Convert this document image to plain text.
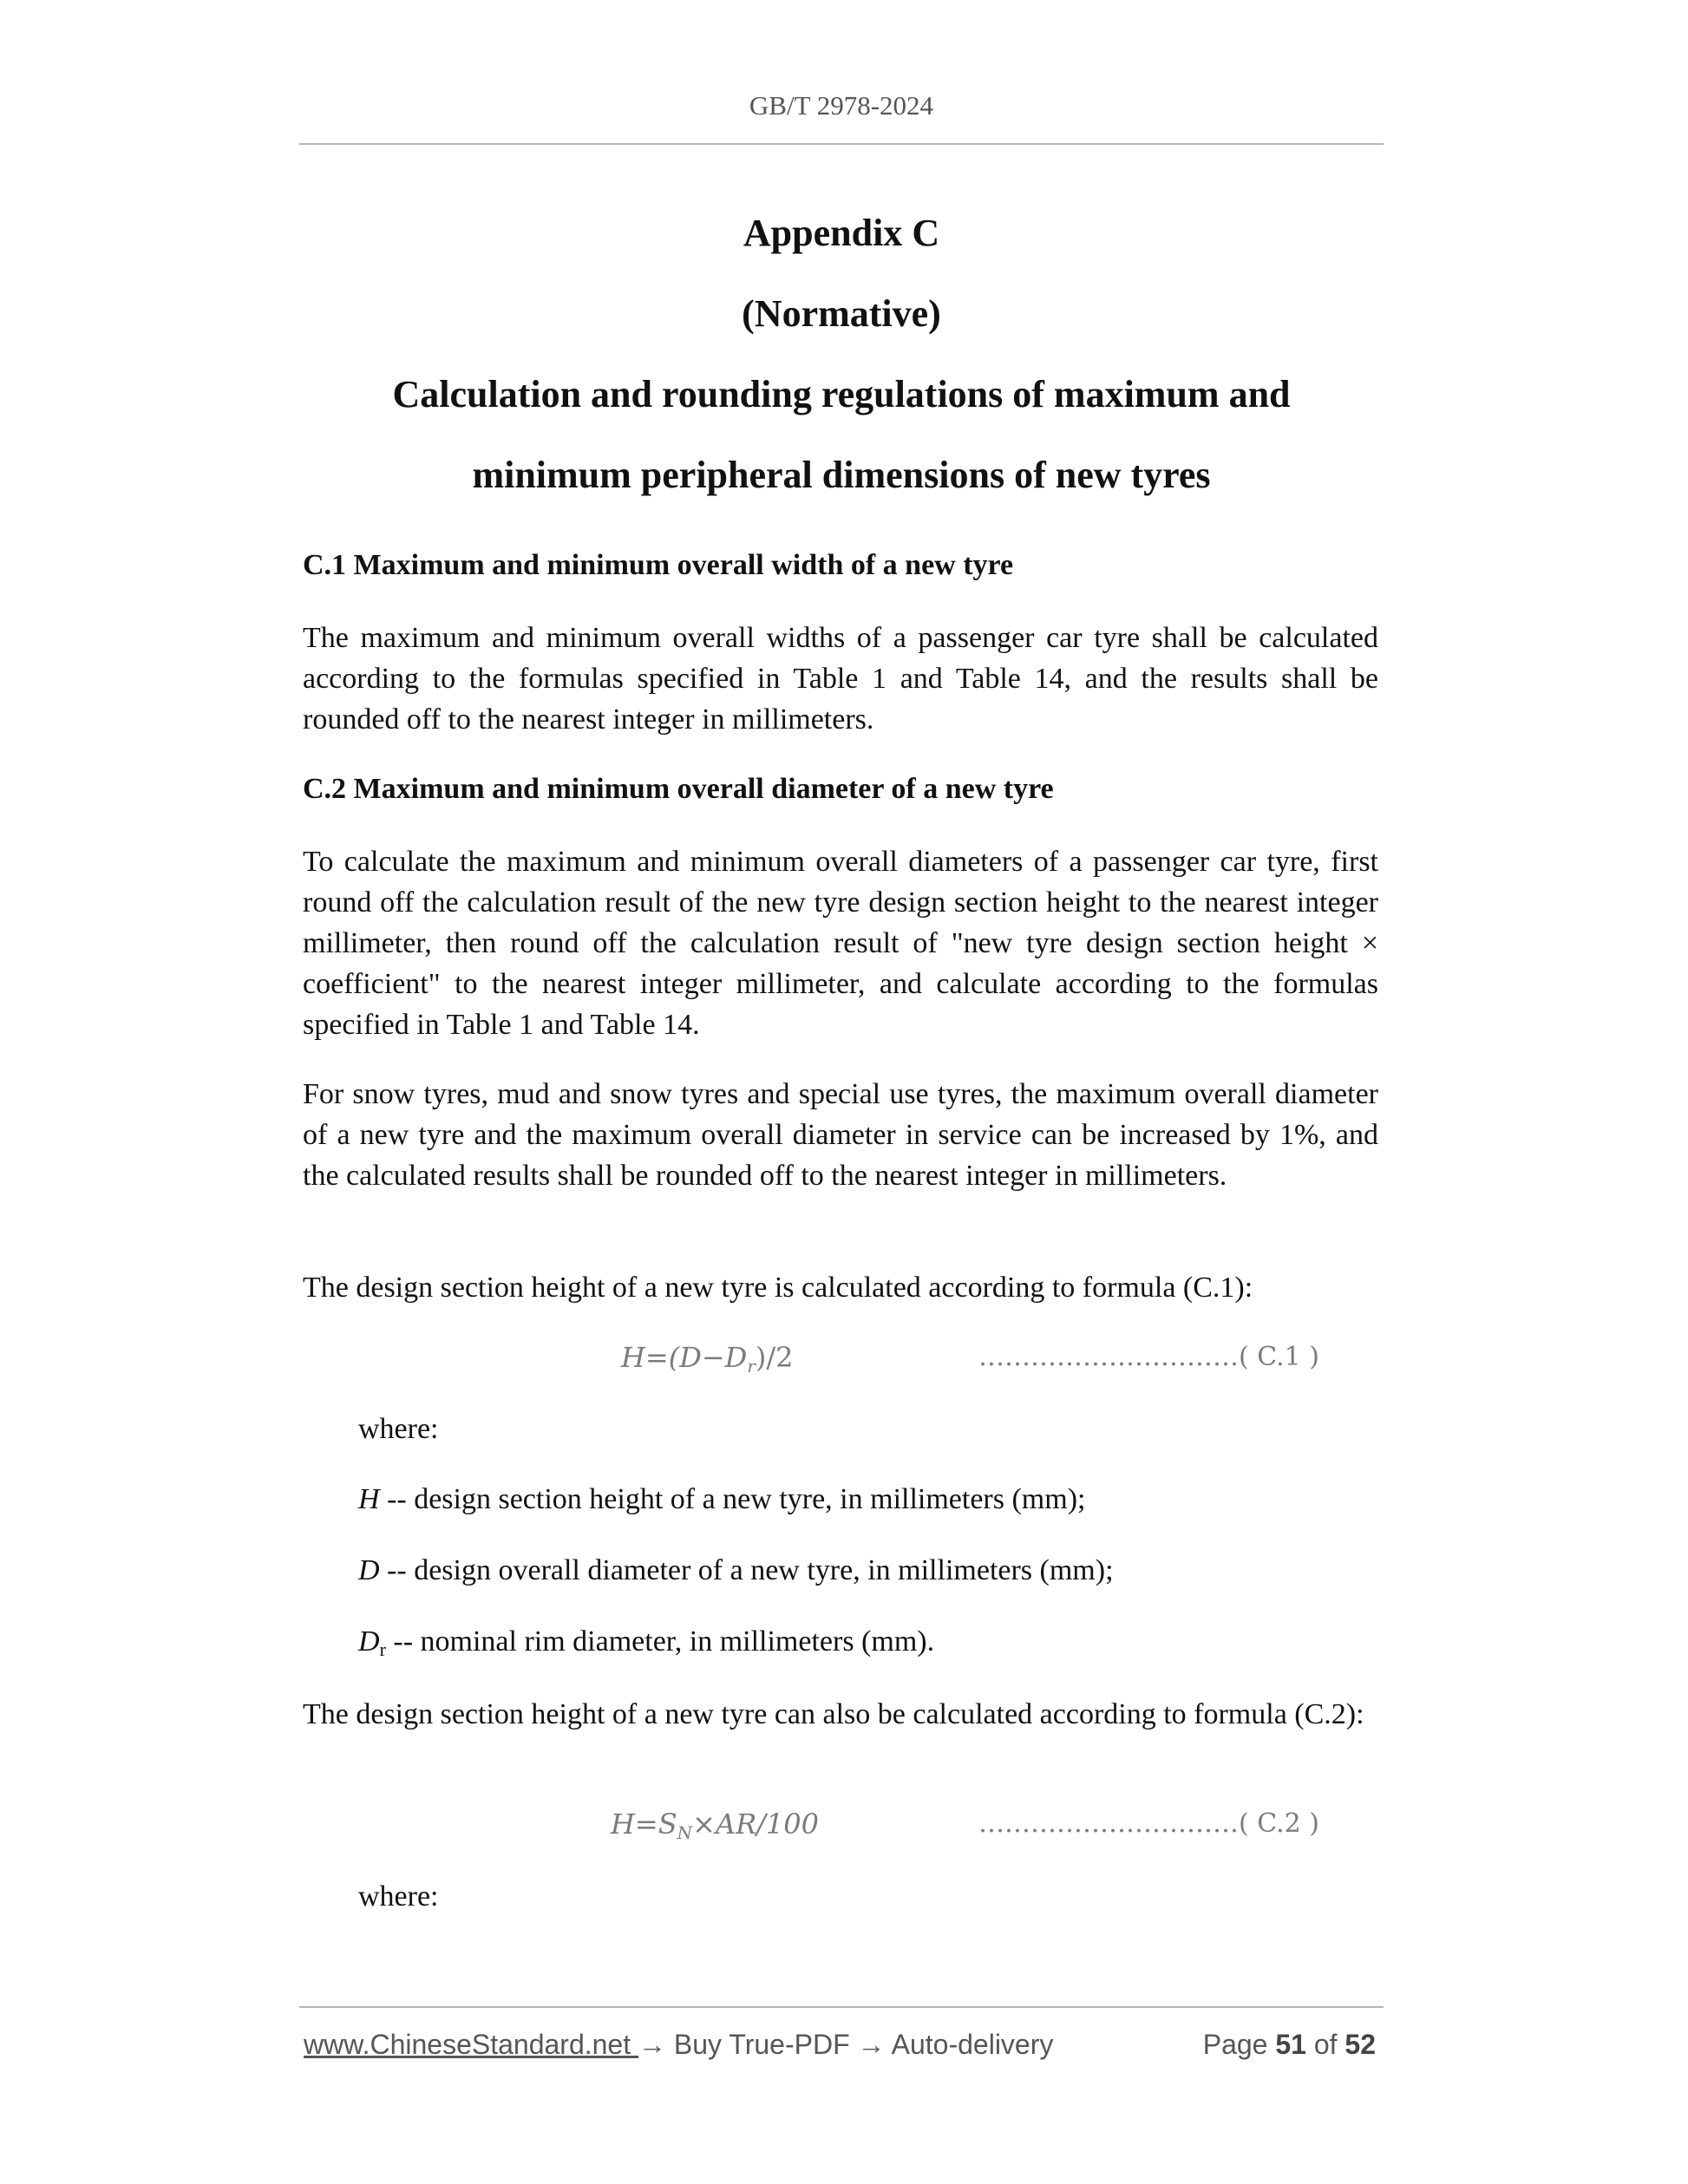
GB/T 2978-2024
Appendix C
(Normative)
Calculation and rounding regulations of maximum and
minimum peripheral dimensions of new tyres
C.1 Maximum and minimum overall width of a new tyre
The maximum and minimum overall widths of a passenger car tyre shall be calculated according to the formulas specified in Table 1 and Table 14, and the results shall be rounded off to the nearest integer in millimeters.
C.2 Maximum and minimum overall diameter of a new tyre
To calculate the maximum and minimum overall diameters of a passenger car tyre, first round off the calculation result of the new tyre design section height to the nearest integer millimeter, then round off the calculation result of "new tyre design section height × coefficient" to the nearest integer millimeter, and calculate according to the formulas specified in Table 1 and Table 14.
For snow tyres, mud and snow tyres and special use tyres, the maximum overall diameter of a new tyre and the maximum overall diameter in service can be increased by 1%, and the calculated results shall be rounded off to the nearest integer in millimeters.
The design section height of a new tyre is calculated according to formula (C.1):
$H=(D-D_r)/2$	…………………………( C.1 )
where:
H -- design section height of a new tyre, in millimeters (mm);
D -- design overall diameter of a new tyre, in millimeters (mm);
Dr -- nominal rim diameter, in millimeters (mm).
The design section height of a new tyre can also be calculated according to formula (C.2):
$H=S_N\times AR/100$	…………………………( C.2 )
where:
www.ChineseStandard.net → Buy True-PDF → Auto-delivery	Page 51 of 52
